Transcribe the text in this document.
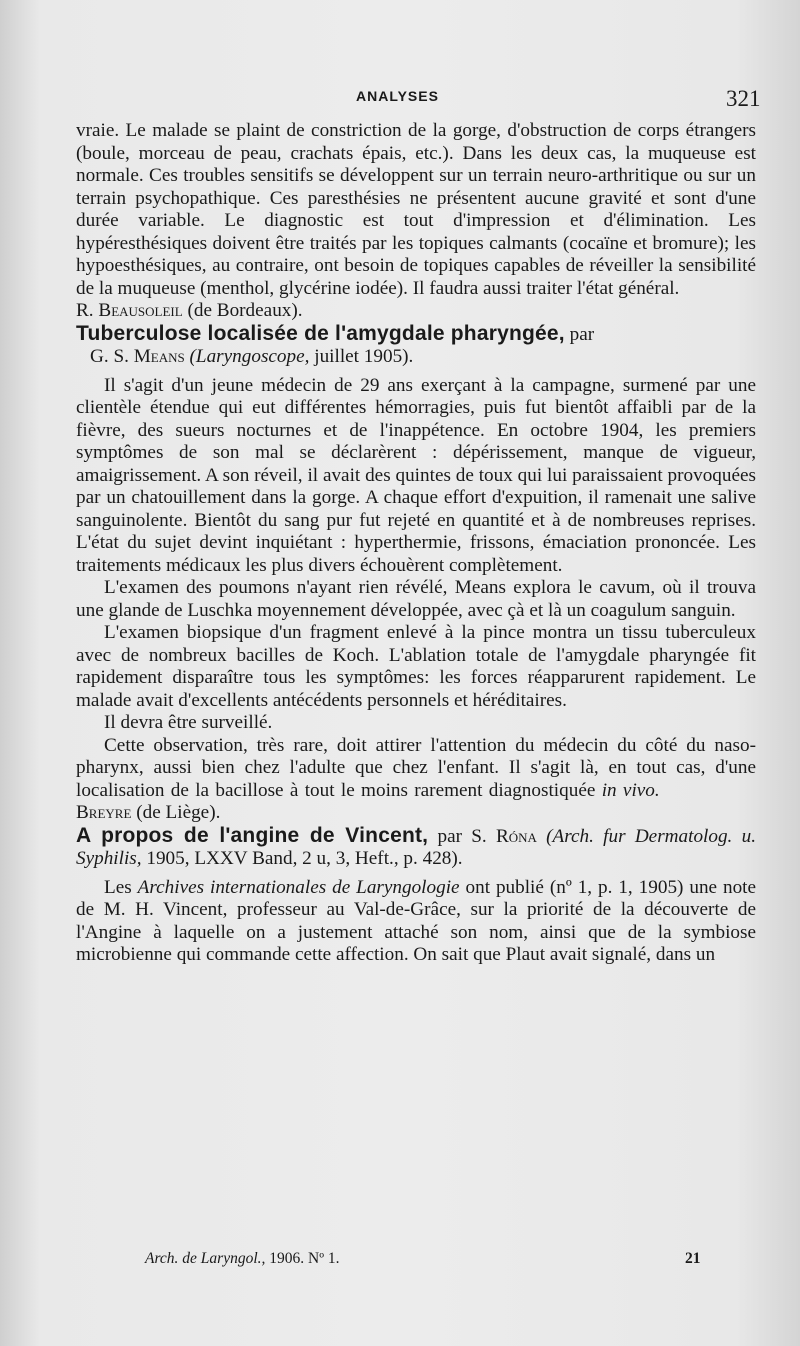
ANALYSES	321

vraie. Le malade se plaint de constriction de la gorge, d'obstruction de corps étrangers (boule, morceau de peau, crachats épais, etc.). Dans les deux cas, la muqueuse est normale. Ces troubles sensitifs se développent sur un terrain neuro-arthritique ou sur un terrain psychopathique. Ces paresthésies ne présentent aucune gravité et sont d'une durée variable. Le diagnostic est tout d'impression et d'élimination. Les hypéresthésiques doivent être traités par les topiques calmants (cocaïne et bromure); les hypoesthésiques, au contraire, ont besoin de topiques capables de réveiller la sensibilité de la muqueuse (menthol, glycérine iodée). Il faudra aussi traiter l'état général.

R. Beausoleil (de Bordeaux).

Tuberculose localisée de l'amygdale pharyngée, par

G. S. Means (Laryngoscope, juillet 1905).

Il s'agit d'un jeune médecin de 29 ans exerçant à la campagne, surmené par une clientèle étendue qui eut différentes hémorragies, puis fut bientôt affaibli par de la fièvre, des sueurs nocturnes et de l'inappétence. En octobre 1904, les premiers symptômes de son mal se déclarèrent : dépérissement, manque de vigueur, amaigrissement. A son réveil, il avait des quintes de toux qui lui paraissaient provoquées par un chatouillement dans la gorge. A chaque effort d'expuition, il ramenait une salive sanguinolente. Bientôt du sang pur fut rejeté en quantité et à de nombreuses reprises. L'état du sujet devint inquiétant : hyperthermie, frissons, émaciation prononcée. Les traitements médicaux les plus divers échouèrent complètement.

L'examen des poumons n'ayant rien révélé, Means explora le cavum, où il trouva une glande de Luschka moyennement développée, avec çà et là un coagulum sanguin.

L'examen biopsique d'un fragment enlevé à la pince montra un tissu tuberculeux avec de nombreux bacilles de Koch. L'ablation totale de l'amygdale pharyngée fit rapidement disparaître tous les symptômes: les forces réapparurent rapidement. Le malade avait d'excellents antécédents personnels et héréditaires.

Il devra être surveillé.

Cette observation, très rare, doit attirer l'attention du médecin du côté du naso-pharynx, aussi bien chez l'adulte que chez l'enfant. Il s'agit là, en tout cas, d'une localisation de la bacillose à tout le moins rarement diagnostiquée in vivo.  Breyre (de Liège).

A propos de l'angine de Vincent, par S. Róna (Arch. fur Dermatolog. u. Syphilis, 1905, LXXV Band, 2 u, 3, Heft., p. 428).

Les Archives internationales de Laryngologie ont publié (nº 1, p. 1, 1905) une note de M. H. Vincent, professeur au Val-de-Grâce, sur la priorité de la découverte de l'Angine à laquelle on a justement attaché son nom, ainsi que de la symbiose microbienne qui commande cette affection. On sait que Plaut avait signalé, dans un

Arch. de Laryngol., 1906. Nº 1.	21
